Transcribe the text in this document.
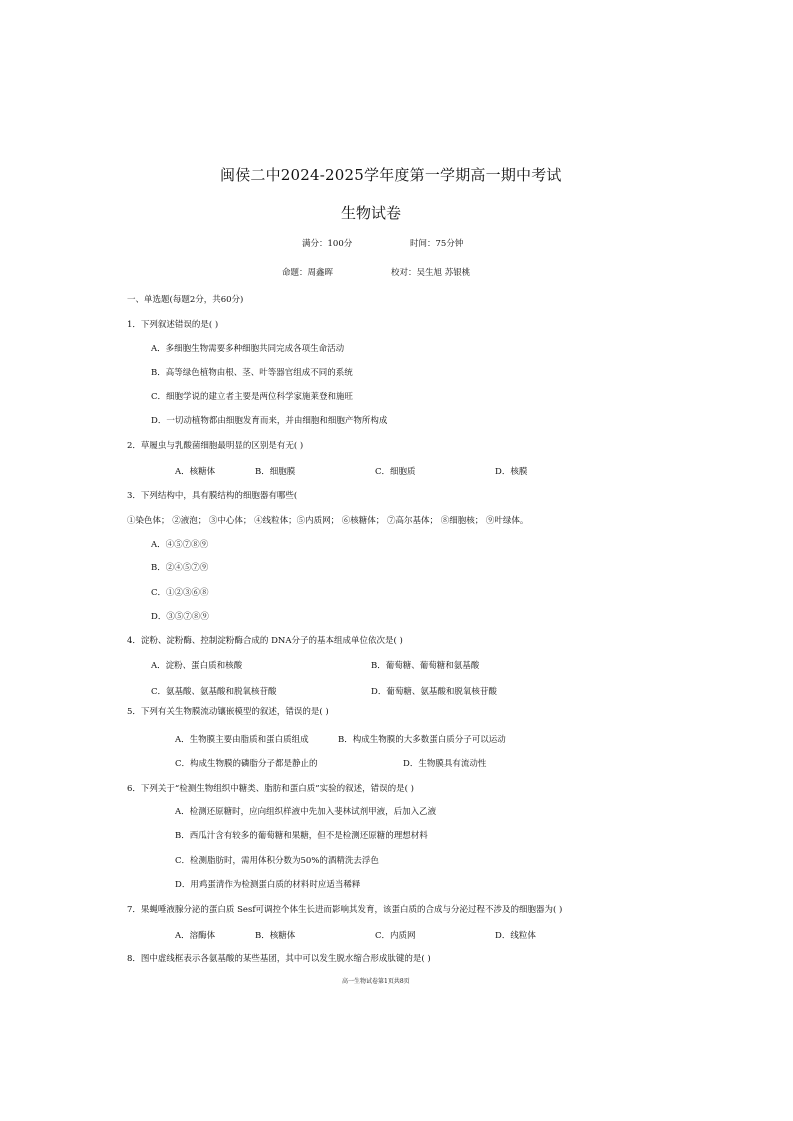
闽侯二中2024-2025学年度第一学期高一期中考试
生物试卷
满分：100分	时间：75分钟
命题：周鑫晖	校对：吴生旭 苏银桃
一、单选题(每题2分，共60分)
1．下列叙述错误的是( )
A．多细胞生物需要多种细胞共同完成各项生命活动
B．高等绿色植物由根、茎、叶等器官组成不同的系统
C．细胞学说的建立者主要是两位科学家施莱登和施旺
D．一切动植物都由细胞发育而来，并由细胞和细胞产物所构成
2．草履虫与乳酸菌细胞最明显的区别是有无( )
A．核糖体	B．细胞膜	C．细胞质	D．核膜
3．下列结构中，具有膜结构的细胞器有哪些(
①染色体； ②液泡； ③中心体； ④线粒体；⑤内质网； ⑥核糖体； ⑦高尔基体； ⑧细胞核； ⑨叶绿体。
A．④⑤⑦⑧⑨
B．②④⑤⑦⑨
C．①②③⑥⑧
D．③⑤⑦⑧⑨
4．淀粉、淀粉酶、控制淀粉酶合成的 DNA分子的基本组成单位依次是( )
A．淀粉、蛋白质和核酸	B．葡萄糖、葡萄糖和氨基酸
C．氨基酸、氨基酸和脱氧核苷酸	D．葡萄糖、氨基酸和脱氧核苷酸
5．下列有关生物膜流动镶嵌模型的叙述，错误的是( )
A．生物膜主要由脂质和蛋白质组成	B．构成生物膜的大多数蛋白质分子可以运动
C．构成生物膜的磷脂分子都是静止的	D．生物膜具有流动性
6．下列关于“检测生物组织中糖类、脂肪和蛋白质”实验的叙述，错误的是( )
A．检测还原糖时，应向组织样液中先加入斐林试剂甲液，后加入乙液
B．西瓜汁含有较多的葡萄糖和果糖，但不是检测还原糖的理想材料
C．检测脂肪时，需用体积分数为50%的酒精洗去浮色
D．用鸡蛋清作为检测蛋白质的材料时应适当稀释
7．果蝇唾液腺分泌的蛋白质 Sesf可调控个体生长进而影响其发育，该蛋白质的合成与分泌过程不涉及的细胞器为( )
A．溶酶体	B．核糖体	C．内质网	D．线粒体
8．图中虚线框表示各氨基酸的某些基团，其中可以发生脱水缩合形成肽键的是( )
高一生物试卷第1页共8页
